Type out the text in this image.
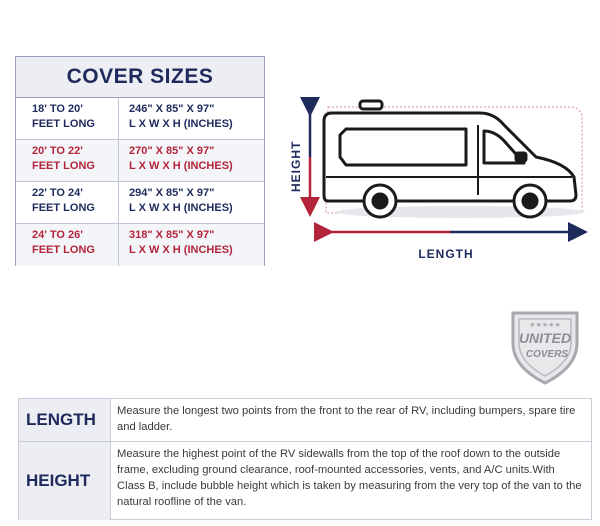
COVER SIZES
18' TO 20'
FEET LONG
246" X 85" X 97"
L X W X H (INCHES)
20' TO 22'
FEET LONG
270" X 85" X 97"
L X W X H (INCHES)
22' TO 24'
FEET LONG
294" X 85" X 97"
L X W X H (INCHES)
24' TO 26'
FEET LONG
318" X 85" X 97"
L X W X H (INCHES)
HEIGHT
LENGTH
★★★★★
UNITED
COVERS
LENGTH	Measure the longest two points from the front to the rear of RV, including bumpers, spare tire and ladder.
HEIGHT
Measure the highest point of the RV sidewalls from the top of the roof down to the outside frame, excluding ground clearance, roof-mounted accessories, vents, and A/C units.With Class B, include bubble height which is taken by measuring from the very top of the van to the natural roofline of the van.
